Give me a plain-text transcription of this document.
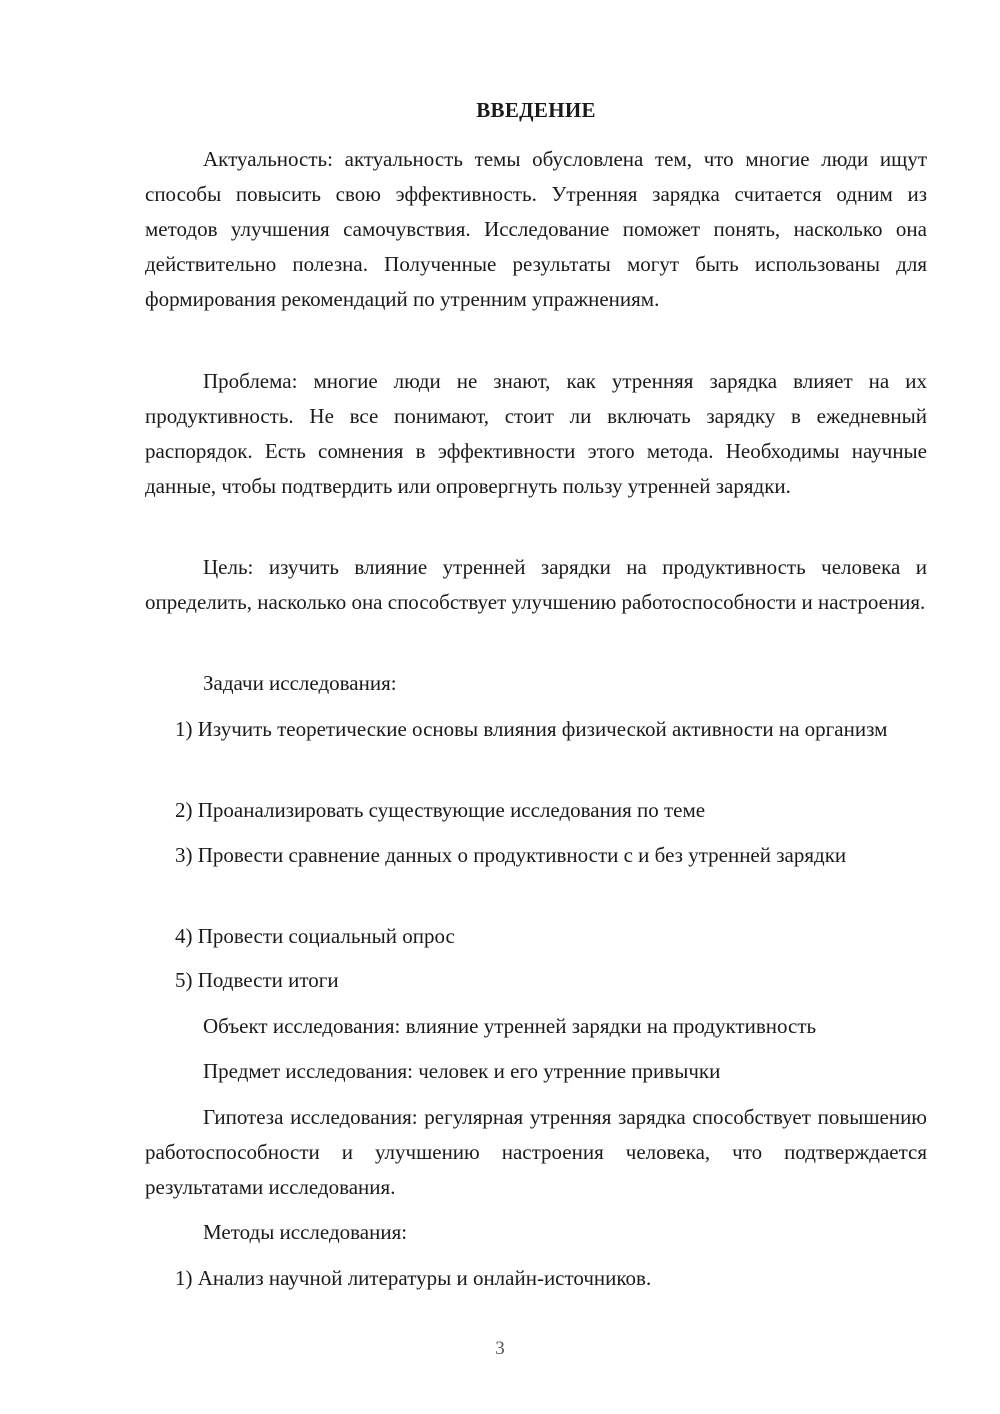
ВВЕДЕНИЕ

Актуальность: актуальность темы обусловлена тем, что многие люди ищут способы повысить свою эффективность. Утренняя зарядка считается одним из методов улучшения самочувствия. Исследование поможет понять, насколько она действительно полезна. Полученные результаты могут быть использованы для формирования рекомендаций по утренним упражнениям.

Проблема: многие люди не знают, как утренняя зарядка влияет на их продуктивность. Не все понимают, стоит ли включать зарядку в ежедневный распорядок. Есть сомнения в эффективности этого метода. Необходимы научные данные, чтобы подтвердить или опровергнуть пользу утренней зарядки.

Цель: изучить влияние утренней зарядки на продуктивность человека и определить, насколько она способствует улучшению работоспособности и настроения.

Задачи исследования:

1) Изучить теоретические основы влияния физической активности на организм

2) Проанализировать существующие исследования по теме

3) Провести сравнение данных о продуктивности с и без утренней зарядки

4) Провести социальный опрос

5) Подвести итоги

Объект исследования: влияние утренней зарядки на продуктивность

Предмет исследования: человек и его утренние привычки

Гипотеза исследования: регулярная утренняя зарядка способствует повышению работоспособности и улучшению настроения человека, что подтверждается результатами исследования.

Методы исследования:

1) Анализ научной литературы и онлайн-источников.

3
